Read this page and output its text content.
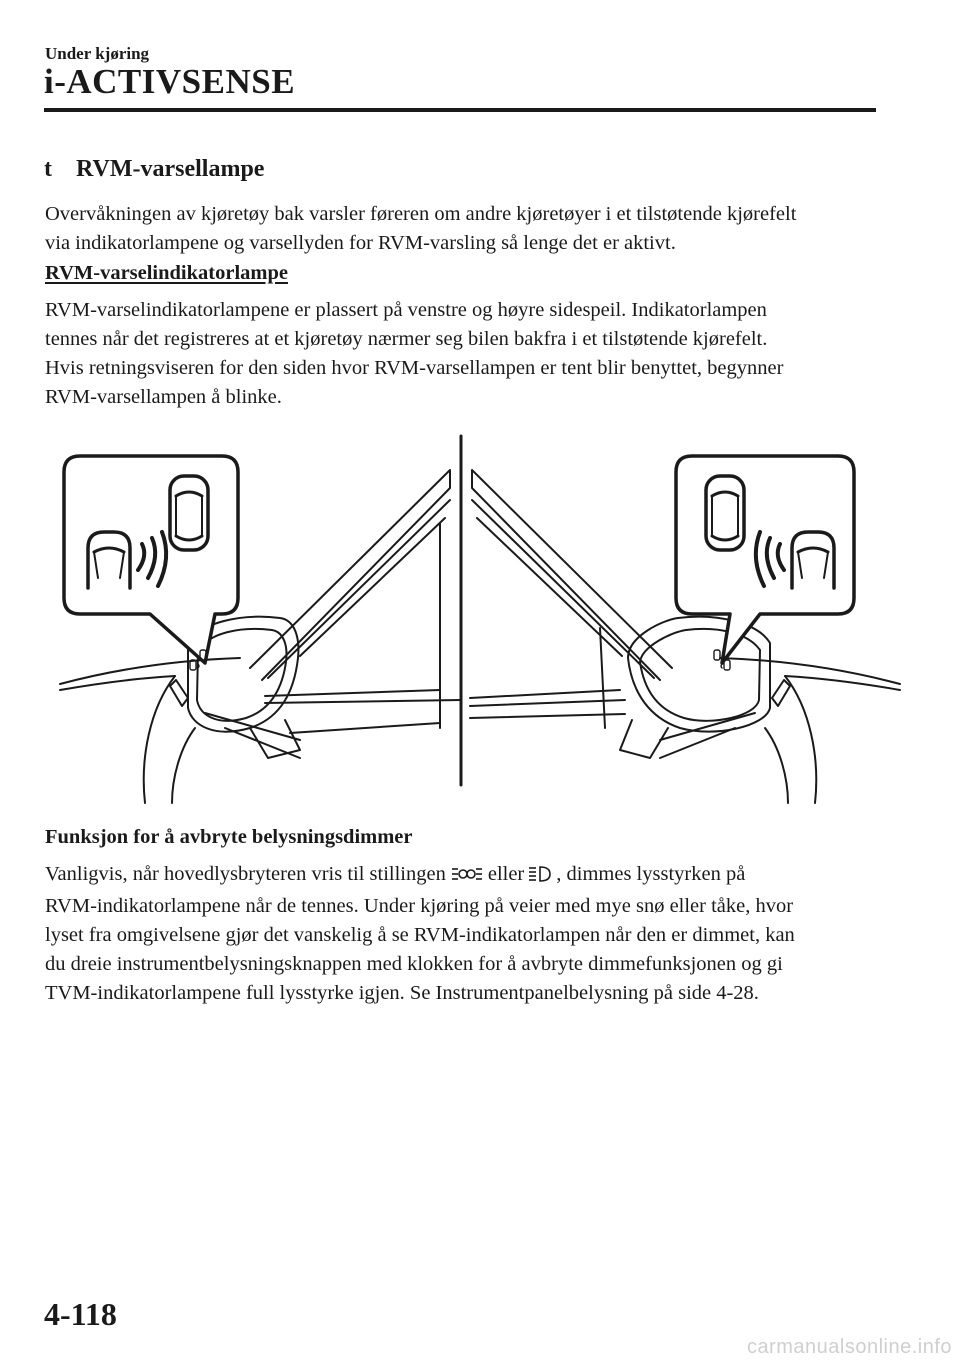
Under kjøring
i-ACTIVSENSE
t RVM-varsellampe
Overvåkningen av kjøretøy bak varsler føreren om andre kjøretøyer i et tilstøtende kjørefelt
via indikatorlampene og varsellyden for RVM-varsling så lenge det er aktivt.
RVM-varselindikatorlampe
RVM-varselindikatorlampene er plassert på venstre og høyre sidespeil. Indikatorlampen
tennes når det registreres at et kjøretøy nærmer seg bilen bakfra i et tilstøtende kjørefelt.
Hvis retningsviseren for den siden hvor RVM-varsellampen er tent blir benyttet, begynner
RVM-varsellampen å blinke.
Funksjon for å avbryte belysningsdimmer
Vanligvis, når hovedlysbryteren vris til stillingen eller , dimmes lysstyrken på
RVM-indikatorlampene når de tennes. Under kjøring på veier med mye snø eller tåke, hvor
lyset fra omgivelsene gjør det vanskelig å se RVM-indikatorlampen når den er dimmet, kan
du dreie instrumentbelysningsknappen med klokken for å avbryte dimmefunksjonen og gi
TVM-indikatorlampene full lysstyrke igjen. Se Instrumentpanelbelysning på side 4-28.
4-118
carmanualsonline.info
